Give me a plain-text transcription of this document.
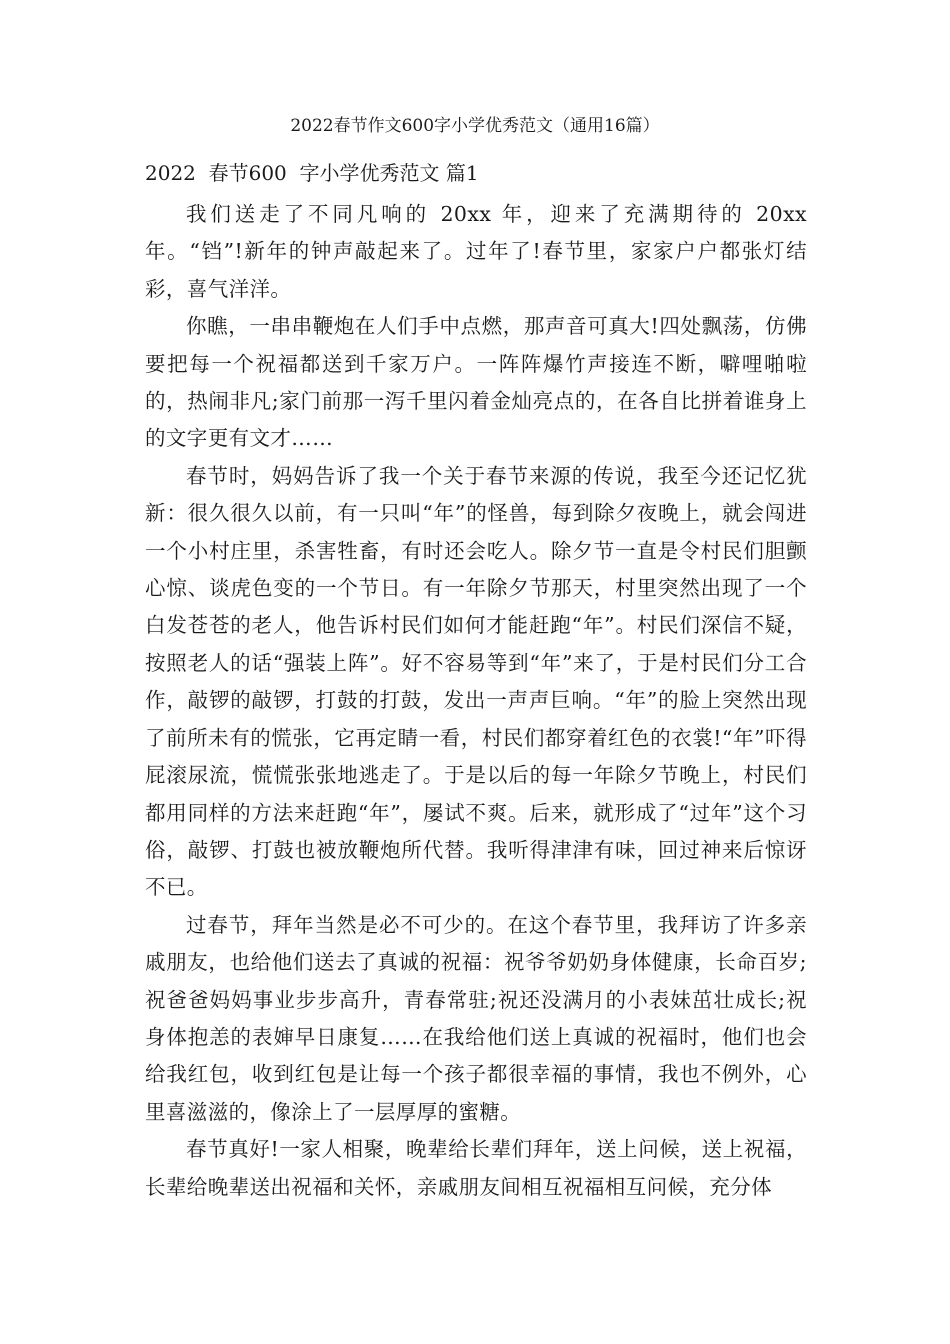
2022春节作文600字小学优秀范文（通用16篇）
2022  春节600  字小学优秀范文 篇1

我们送走了不同凡响的 20xx 年，迎来了充满期待的 20xx 年。“铛”!新年的钟声敲起来了。过年了!春节里，家家户户都张灯结彩，喜气洋洋。

你瞧，一串串鞭炮在人们手中点燃，那声音可真大!四处飘荡，仿佛要把每一个祝福都送到千家万户。一阵阵爆竹声接连不断，噼哩啪啦的，热闹非凡;家门前那一泻千里闪着金灿亮点的，在各自比拼着谁身上的文字更有文才……

春节时，妈妈告诉了我一个关于春节来源的传说，我至今还记忆犹新：很久很久以前，有一只叫“年”的怪兽，每到除夕夜晚上，就会闯进一个小村庄里，杀害牲畜，有时还会吃人。除夕节一直是令村民们胆颤心惊、谈虎色变的一个节日。有一年除夕节那天，村里突然出现了一个白发苍苍的老人，他告诉村民们如何才能赶跑“年”。村民们深信不疑，按照老人的话“强装上阵”。好不容易等到“年”来了，于是村民们分工合作，敲锣的敲锣，打鼓的打鼓，发出一声声巨响。“年”的脸上突然出现了前所未有的慌张，它再定睛一看，村民们都穿着红色的衣裳!“年”吓得屁滚尿流，慌慌张张地逃走了。于是以后的每一年除夕节晚上，村民们都用同样的方法来赶跑“年”，屡试不爽。后来，就形成了“过年”这个习俗，敲锣、打鼓也被放鞭炮所代替。我听得津津有味，回过神来后惊讶不已。

过春节，拜年当然是必不可少的。在这个春节里，我拜访了许多亲戚朋友，也给他们送去了真诚的祝福：祝爷爷奶奶身体健康，长命百岁;祝爸爸妈妈事业步步高升，青春常驻;祝还没满月的小表妹茁壮成长;祝身体抱恙的表婶早日康复……在我给他们送上真诚的祝福时，他们也会给我红包，收到红包是让每一个孩子都很幸福的事情，我也不例外，心里喜滋滋的，像涂上了一层厚厚的蜜糖。

春节真好!一家人相聚，晚辈给长辈们拜年，送上问候，送上祝福，长辈给晚辈送出祝福和关怀，亲戚朋友间相互祝福相互问候，充分体
